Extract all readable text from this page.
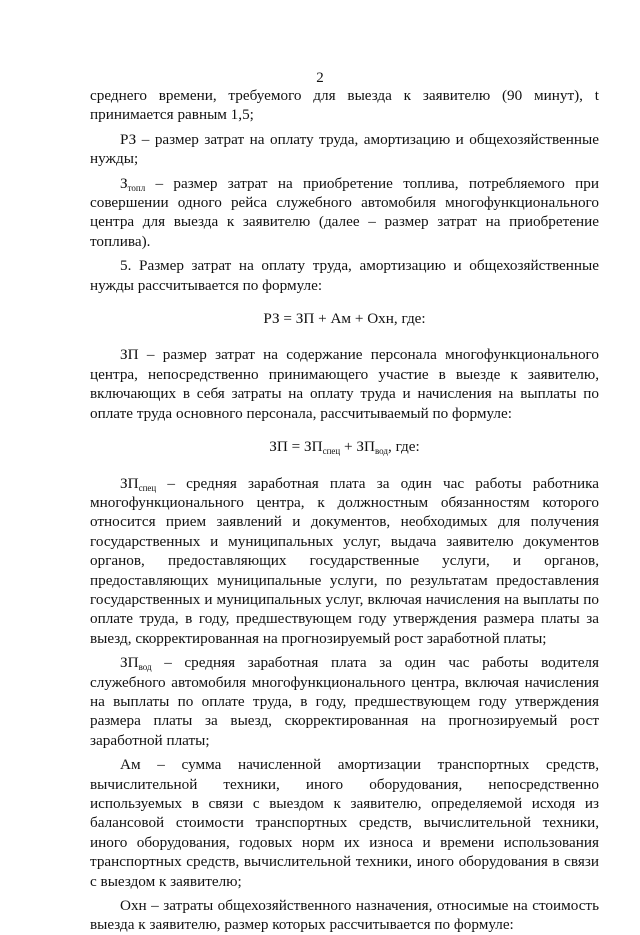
2

среднего времени, требуемого для выезда к заявителю (90 минут), t принимается равным 1,5;

РЗ – размер затрат на оплату труда, амортизацию и общехозяйственные нужды;

$З_{топл}$ – размер затрат на приобретение топлива, потребляемого при совершении одного рейса служебного автомобиля многофункционального центра для выезда к заявителю (далее – размер затрат на приобретение топлива).

5. Размер затрат на оплату труда, амортизацию и общехозяйственные нужды рассчитывается по формуле:

РЗ = ЗП + Ам + Охн, где:

ЗП – размер затрат на содержание персонала многофункционального центра, непосредственно принимающего участие в выезде к заявителю, включающих в себя затраты на оплату труда и начисления на выплаты по оплате труда основного персонала, рассчитываемый по формуле:

ЗП = $ЗП_{спец} + ЗП_{вод}$, где:

$ЗП_{спец}$ – средняя заработная плата за один час работы работника многофункционального центра, к должностным обязанностям которого относится прием заявлений и документов, необходимых для получения государственных и муниципальных услуг, выдача заявителю документов органов, предоставляющих государственные услуги, и органов, предоставляющих муниципальные услуги, по результатам предоставления государственных и муниципальных услуг, включая начисления на выплаты по оплате труда, в году, предшествующем году утверждения размера платы за выезд, скорректированная на прогнозируемый рост заработной платы;

$ЗП_{вод}$ – средняя заработная плата за один час работы водителя служебного автомобиля многофункционального центра, включая начисления на выплаты по оплате труда, в году, предшествующем году утверждения размера платы за выезд, скорректированная на прогнозируемый рост заработной платы;

Ам – сумма начисленной амортизации транспортных средств, вычислительной техники, иного оборудования, непосредственно используемых в связи с выездом к заявителю, определяемой исходя из балансовой стоимости транспортных средств, вычислительной техники, иного оборудования, годовых норм их износа и времени использования транспортных средств, вычислительной техники, иного оборудования в связи с выездом к заявителю;

Охн – затраты общехозяйственного назначения, относимые на стоимость выезда к заявителю, размер которых рассчитывается по формуле:
